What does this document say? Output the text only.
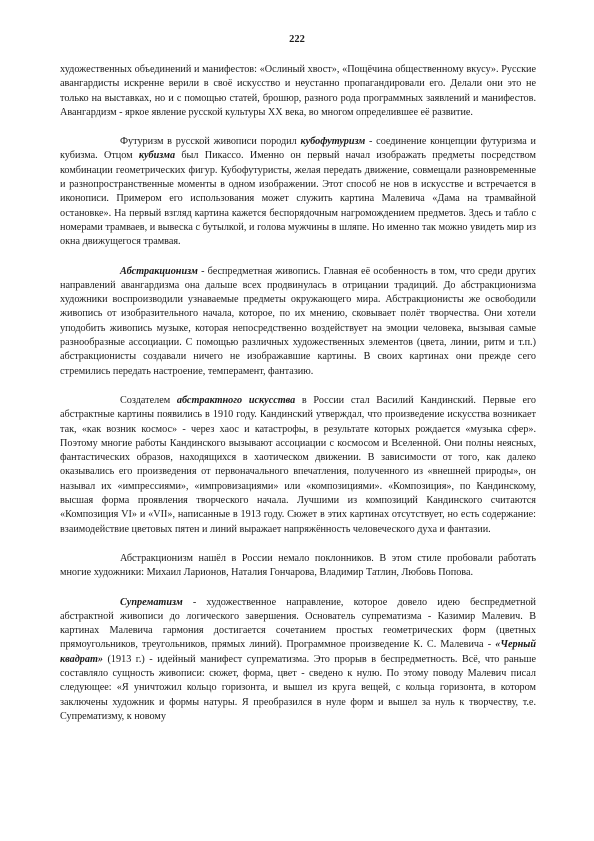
222

художественных объединений и манифестов: «Ослиный хвост», «Пощёчина общественному вкусу». Русские авангардисты искренне верили в своё искусство и неустанно пропагандировали его. Делали они это не только на выставках, но и с помощью статей, брошюр, разного рода программных заявлений и манифестов. Авангардизм - яркое явление русской культуры XX века, во многом определившее её развитие.

Футуризм в русской живописи породил кубофутуризм - соединение концепции футуризма и кубизма. Отцом кубизма был Пикассо. Именно он первый начал изображать предметы посредством комбинации геометрических фигур. Кубофутуристы, желая передать движение, совмещали разновременные и разнопространственные моменты в одном изображении. Этот способ не нов в искусстве и встречается в иконописи. Примером его использования может служить картина Малевича «Дама на трамвайной остановке». На первый взгляд картина кажется беспорядочным нагромождением предметов. Здесь и табло с номерами трамваев, и вывеска с бутылкой, и голова мужчины в шляпе. Но именно так можно увидеть мир из окна движущегося трамвая.

Абстракционизм - беспредметная живопись. Главная её особенность в том, что среди других направлений авангардизма она дальше всех продвинулась в отрицании традиций. До абстракционизма художники воспроизводили узнаваемые предметы окружающего мира. Абстракционисты же освободили живопись от изобразительного начала, которое, по их мнению, сковывает полёт творчества. Они хотели уподобить живопись музыке, которая непосредственно воздействует на эмоции человека, вызывая самые разнообразные ассоциации. С помощью различных художественных элементов (цвета, линии, ритм и т.п.) абстракционисты создавали ничего не изображавшие картины. В своих картинах они прежде сего стремились передать настроение, темперамент, фантазию.

Создателем абстрактного искусства в России стал Василий Кандинский. Первые его абстрактные картины появились в 1910 году. Кандинский утверждал, что произведение искусства возникает так, «как возник космос» - через хаос и катастрофы, в результате которых рождается «музыка сфер». Поэтому многие работы Кандинского вызывают ассоциации с космосом и Вселенной. Они полны неясных, фантастических образов, находящихся в хаотическом движении. В зависимости от того, как далеко оказывались его произведения от первоначального впечатления, полученного из «внешней природы», он называл их «импрессиями», «импровизациями» или «композициями». «Композиция», по Кандинскому, высшая форма проявления творческого начала. Лучшими из композиций Кандинского считаются «Композиция VI» и «VII», написанные в 1913 году. Сюжет в этих картинах отсутствует, но есть содержание: взаимодействие цветовых пятен и линий выражает напряжённость человеческого духа и фантазии.

Абстракционизм нашёл в России немало поклонников. В этом стиле пробовали работать многие художники: Михаил Ларионов, Наталия Гончарова, Владимир Татлин, Любовь Попова.

Супрематизм - художественное направление, которое довело идею беспредметной абстрактной живописи до логического завершения. Основатель супрематизма - Казимир Малевич. В картинах Малевича гармония достигается сочетанием простых геометрических форм (цветных прямоугольников, треугольников, прямых линий). Программное произведение К. С. Малевича - «Черный квадрат» (1913 г.) - идейный манифест супрематизма. Это прорыв в беспредметность. Всё, что раньше составляло сущность живописи: сюжет, форма, цвет - сведено к нулю. По этому поводу Малевич писал следующее: «Я уничтожил кольцо горизонта, и вышел из круга вещей, с кольца горизонта, в котором заключены художник и формы натуры. Я преобразился в нуле форм и вышел за нуль к творчеству, т.е. Супрематизму, к новому
